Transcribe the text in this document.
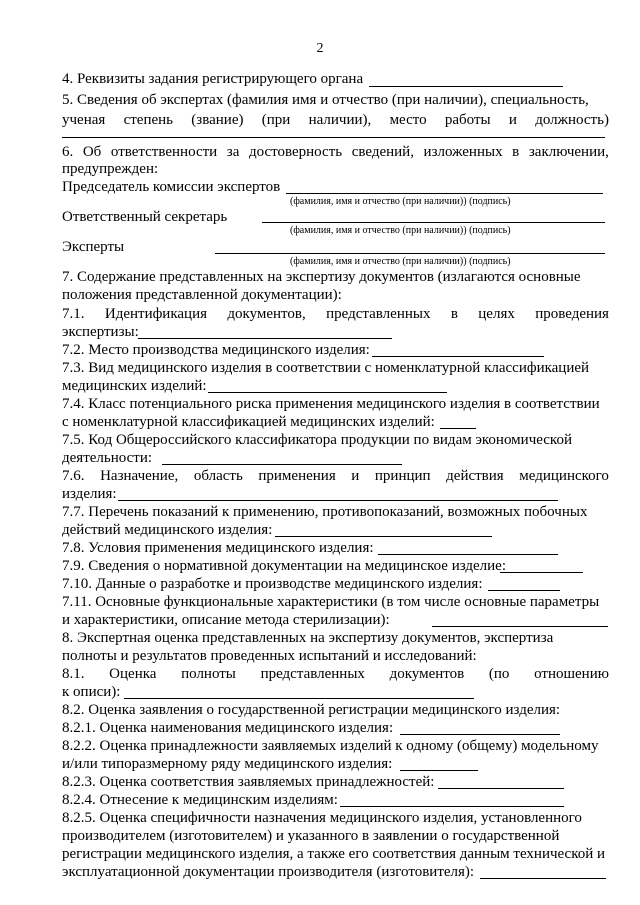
2
4. Реквизиты задания регистрирующего органа
5. Сведения об экспертах (фамилия имя и отчество (при наличии), специальность,
ученая степень (звание) (при наличии), место работы и должность)
6. Об ответственности за достоверность сведений, изложенных в заключении,
предупрежден:
Председатель комиссии экспертов
(фамилия, имя и отчество (при наличии)) (подпись)
Ответственный секретарь
(фамилия, имя и отчество (при наличии)) (подпись)
Эксперты
(фамилия, имя и отчество (при наличии)) (подпись)
7. Содержание представленных на экспертизу документов (излагаются основные
положения представленной документации):
7.1. Идентификация документов, представленных в целях проведения
экспертизы:
7.2. Место производства медицинского изделия:
7.3. Вид медицинского изделия в соответствии с номенклатурной классификацией
медицинских изделий:
7.4. Класс потенциального риска применения медицинского изделия в соответствии
с номенклатурной классификацией медицинских изделий:
7.5. Код Общероссийского классификатора продукции по видам экономической
деятельности:
7.6. Назначение, область применения и принцип действия медицинского
изделия:
7.7. Перечень показаний к применению, противопоказаний, возможных побочных
действий медицинского изделия:
7.8. Условия применения медицинского изделия:
7.9. Сведения о нормативной документации на медицинское изделие:
7.10. Данные о разработке и производстве медицинского изделия:
7.11. Основные функциональные характеристики (в том числе основные параметры
и характеристики, описание метода стерилизации):
8. Экспертная оценка представленных на экспертизу документов, экспертиза
полноты и результатов проведенных испытаний и исследований:
8.1. Оценка полноты представленных документов (по отношению
к описи):
8.2. Оценка заявления о государственной регистрации медицинского изделия:
8.2.1. Оценка наименования медицинского изделия:
8.2.2. Оценка принадлежности заявляемых изделий к одному (общему) модельному
и/или типоразмерному ряду медицинского изделия:
8.2.3. Оценка соответствия заявляемых принадлежностей:
8.2.4. Отнесение к медицинским изделиям:
8.2.5. Оценка специфичности назначения медицинского изделия, установленного
производителем (изготовителем) и указанного в заявлении о государственной
регистрации медицинского изделия, а также его соответствия данным технической и
эксплуатационной документации производителя (изготовителя):
